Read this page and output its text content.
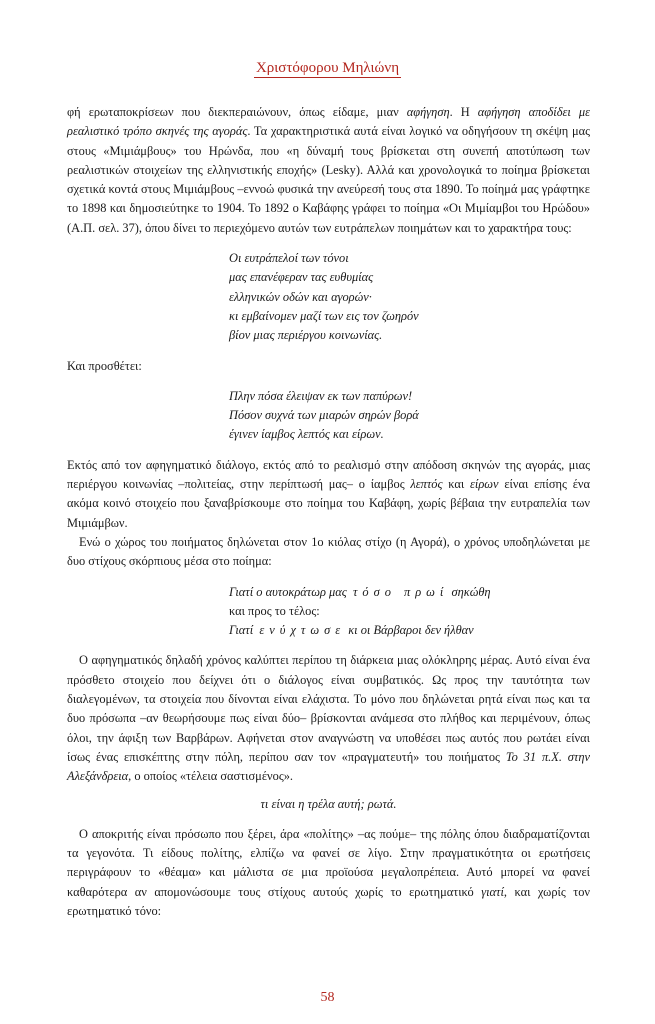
Χριστόφορου Μηλιώνη

φή ερωταποκρίσεων που διεκπεραιώνουν, όπως είδαμε, μιαν αφήγηση. Η αφήγηση αποδίδει με ρεαλιστικό τρόπο σκηνές της αγοράς. Τα χαρακτηριστικά αυτά είναι λογικό να οδηγήσουν τη σκέψη μας στους «Μιμιάμβους» του Ηρώνδα, που «η δύναμή τους βρίσκεται στη συνεπή αποτύπωση των ρεαλιστικών στοιχείων της ελληνιστικής εποχής» (Lesky). Αλλά και χρονολογικά το ποίημα βρίσκεται σχετικά κοντά στους Μιμιάμβους –εννοώ φυσικά την ανεύρεσή τους στα 1890. Το ποίημά μας γράφτηκε το 1898 και δημοσιεύτηκε το 1904. Το 1892 ο Καβάφης γράφει το ποίημα «Οι Μιμίαμβοι του Ηρώδου» (Α.Π. σελ. 37), όπου δίνει το περιεχόμενο αυτών των ευτράπελων ποιημάτων και το χαρακτήρα τους:

Οι ευτράπελοί των τόνοι
μας επανέφεραν τας ευθυμίας
ελληνικών οδών και αγορών·
κι εμβαίνομεν μαζί των εις τον ζωηρόν
βίον μιας περιέργου κοινωνίας.

Και προσθέτει:

Πλην πόσα έλειψαν εκ των παπύρων!
Πόσον συχνά των μιαρών σηρών βορά
έγινεν ίαμβος λεπτός και είρων.

Εκτός από τον αφηγηματικό διάλογο, εκτός από το ρεαλισμό στην απόδοση σκηνών της αγοράς, μιας περιέργου κοινωνίας –πολιτείας, στην περίπτωσή μας– ο ίαμβος λεπτός και είρων είναι επίσης ένα ακόμα κοινό στοιχείο που ξαναβρίσκουμε στο ποίημα του Καβάφη, χωρίς βέβαια την ευτραπελία των Μιμιάμβων.

Ενώ ο χώρος του ποιήματος δηλώνεται στον 1ο κιόλας στίχο (η Αγορά), ο χρόνος υποδηλώνεται με δυο στίχους σκόρπιους μέσα στο ποίημα:

Γιατί ο αυτοκράτωρ μας τόσο πρωί σηκώθη
και προς το τέλος:
Γιατί ενύχτωσε κι οι Βάρβαροι δεν ήλθαν

Ο αφηγηματικός δηλαδή χρόνος καλύπτει περίπου τη διάρκεια μιας ολόκληρης μέρας. Αυτό είναι ένα πρόσθετο στοιχείο που δείχνει ότι ο διάλογος είναι συμβατικός. Ως προς την ταυτότητα των διαλεγομένων, τα στοιχεία που δίνονται είναι ελάχιστα. Το μόνο που δηλώνεται ρητά είναι πως και τα δυο πρόσωπα –αν θεωρήσουμε πως είναι δύο– βρίσκονται ανάμεσα στο πλήθος και περιμένουν, όπως όλοι, την άφιξη των Βαρβάρων. Αφήνεται στον αναγνώστη να υποθέσει πως αυτός που ρωτάει είναι ίσως ένας επισκέπτης στην πόλη, περίπου σαν τον «πραγματευτή» του ποιήματος Το 31 π.Χ. στην Αλεξάνδρεια, ο οποίος «τέλεια σαστισμένος».

τι είναι η τρέλα αυτή; ρωτά.

Ο αποκριτής είναι πρόσωπο που ξέρει, άρα «πολίτης» –ας πούμε– της πόλης όπου διαδραματίζονται τα γεγονότα. Τι είδους πολίτης, ελπίζω να φανεί σε λίγο. Στην πραγματικότητα οι ερωτήσεις περιγράφουν το «θέαμα» και μάλιστα σε μια προϊούσα μεγαλοπρέπεια. Αυτό μπορεί να φανεί καθαρότερα αν απομονώσουμε τους στίχους αυτούς χωρίς το ερωτηματικό γιατί, και χωρίς τον ερωτηματικό τόνο:

58
